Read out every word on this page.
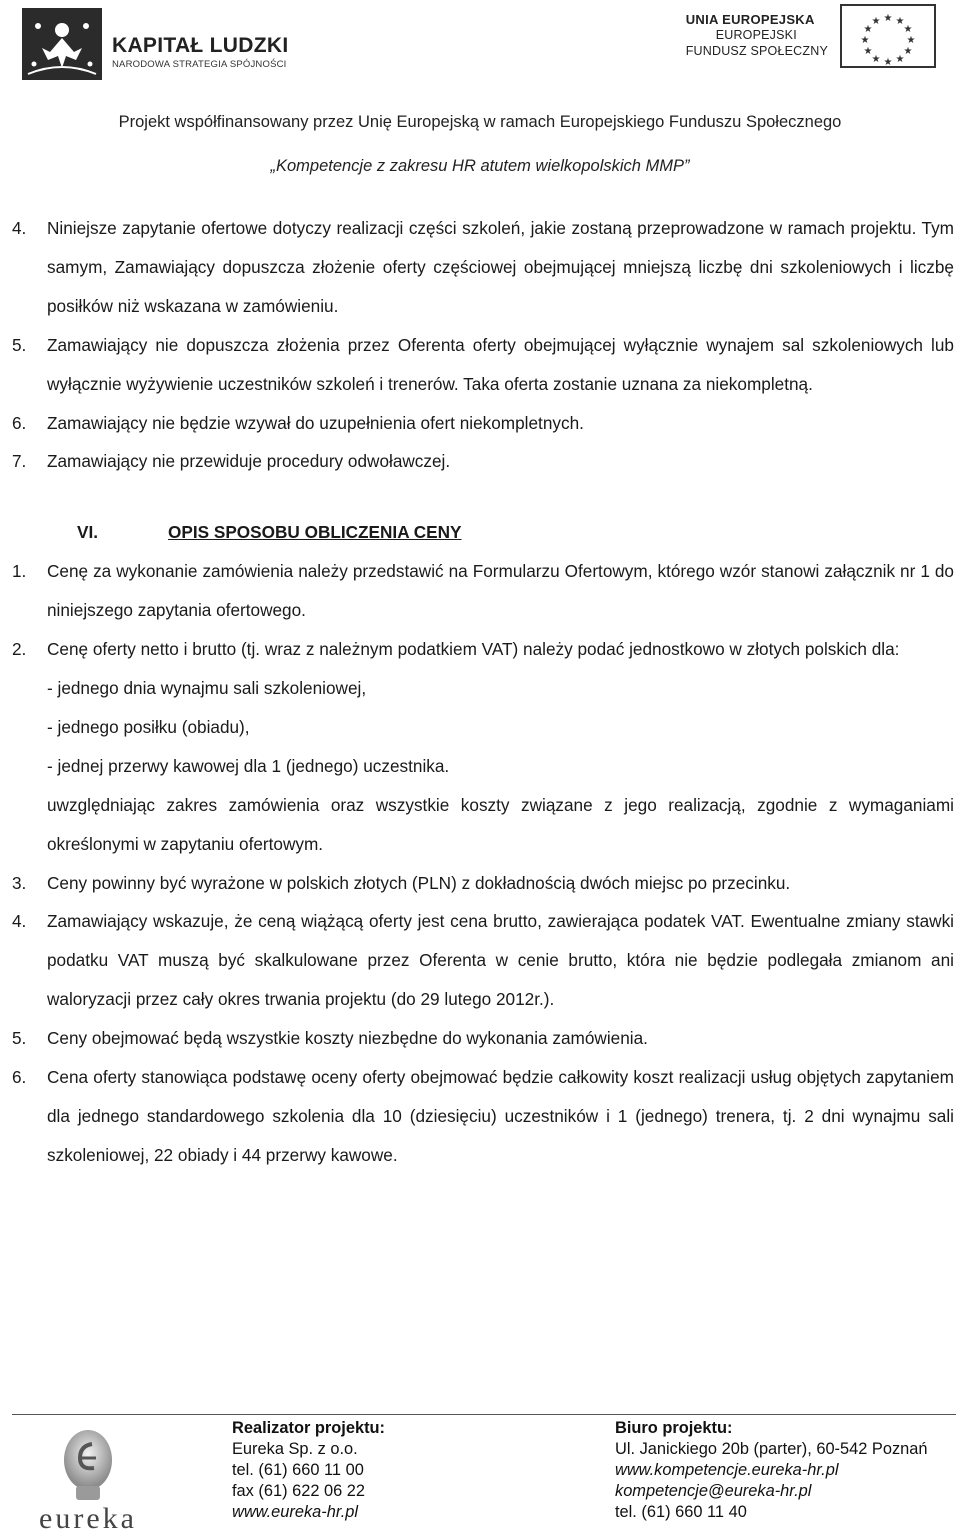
KAPITAŁ LUDZKI
NARODOWA STRATEGIA SPÓJNOŚCI
UNIA EUROPEJSKA
EUROPEJSKI
FUNDUSZ SPOŁECZNY
★ ★
★
★
★
★
★
★
★
★
★
★
Projekt współfinansowany przez Unię Europejską w ramach Europejskiego Funduszu Społecznego
„Kompetencje z zakresu HR atutem wielkopolskich MMP”
4. Niniejsze zapytanie ofertowe dotyczy realizacji części szkoleń, jakie zostaną przeprowadzone w ramach projektu. Tym samym, Zamawiający dopuszcza złożenie oferty częściowej obejmującej mniejszą liczbę dni szkoleniowych i liczbę posiłków niż wskazana w zamówieniu.

5. Zamawiający nie dopuszcza złożenia przez Oferenta oferty obejmującej wyłącznie wynajem sal szkoleniowych lub wyłącznie wyżywienie uczestników szkoleń i trenerów. Taka oferta zostanie uznana za niekompletną.

6. Zamawiający nie będzie wzywał do uzupełnienia ofert niekompletnych.

7. Zamawiający nie przewiduje procedury odwoławczej.

VI.	OPIS SPOSOBU OBLICZENIA CENY
1. Cenę za wykonanie zamówienia należy przedstawić na Formularzu Ofertowym, którego wzór stanowi załącznik nr 1 do niniejszego zapytania ofertowego.

2. Cenę oferty netto i brutto (tj. wraz z należnym podatkiem VAT) należy podać jednostkowo w złotych polskich dla:

- jednego dnia wynajmu sali szkoleniowej,
- jednego posiłku (obiadu),
- jednej przerwy kawowej dla 1 (jednego) uczestnika.

uwzględniając zakres zamówienia oraz wszystkie koszty związane z jego realizacją, zgodnie z wymaganiami określonymi w zapytaniu ofertowym.

3. Ceny powinny być wyrażone w polskich złotych (PLN) z dokładnością dwóch miejsc po przecinku.

4. Zamawiający wskazuje, że ceną wiążącą oferty jest cena brutto, zawierająca podatek VAT. Ewentualne zmiany stawki podatku VAT muszą być skalkulowane przez Oferenta w cenie brutto, która nie będzie podlegała zmianom ani waloryzacji przez cały okres trwania projektu (do 29 lutego 2012r.).

5. Ceny obejmować będą wszystkie koszty niezbędne do wykonania zamówienia.

6. Cena oferty stanowiąca podstawę oceny oferty obejmować będzie całkowity koszt realizacji usług objętych zapytaniem dla jednego standardowego szkolenia dla 10 (dziesięciu) uczestników i 1 (jednego) trenera, tj. 2 dni wynajmu sali szkoleniowej, 22 obiady i 44 przerwy kawowe.

eureka
Realizator projektu:
Eureka Sp. z o.o.
tel. (61) 660 11 00
fax (61) 622 06 22
www.eureka-hr.pl
Biuro projektu:
Ul. Janickiego 20b (parter), 60-542 Poznań
www.kompetencje.eureka-hr.pl
kompetencje@eureka-hr.pl
tel. (61) 660 11 40
